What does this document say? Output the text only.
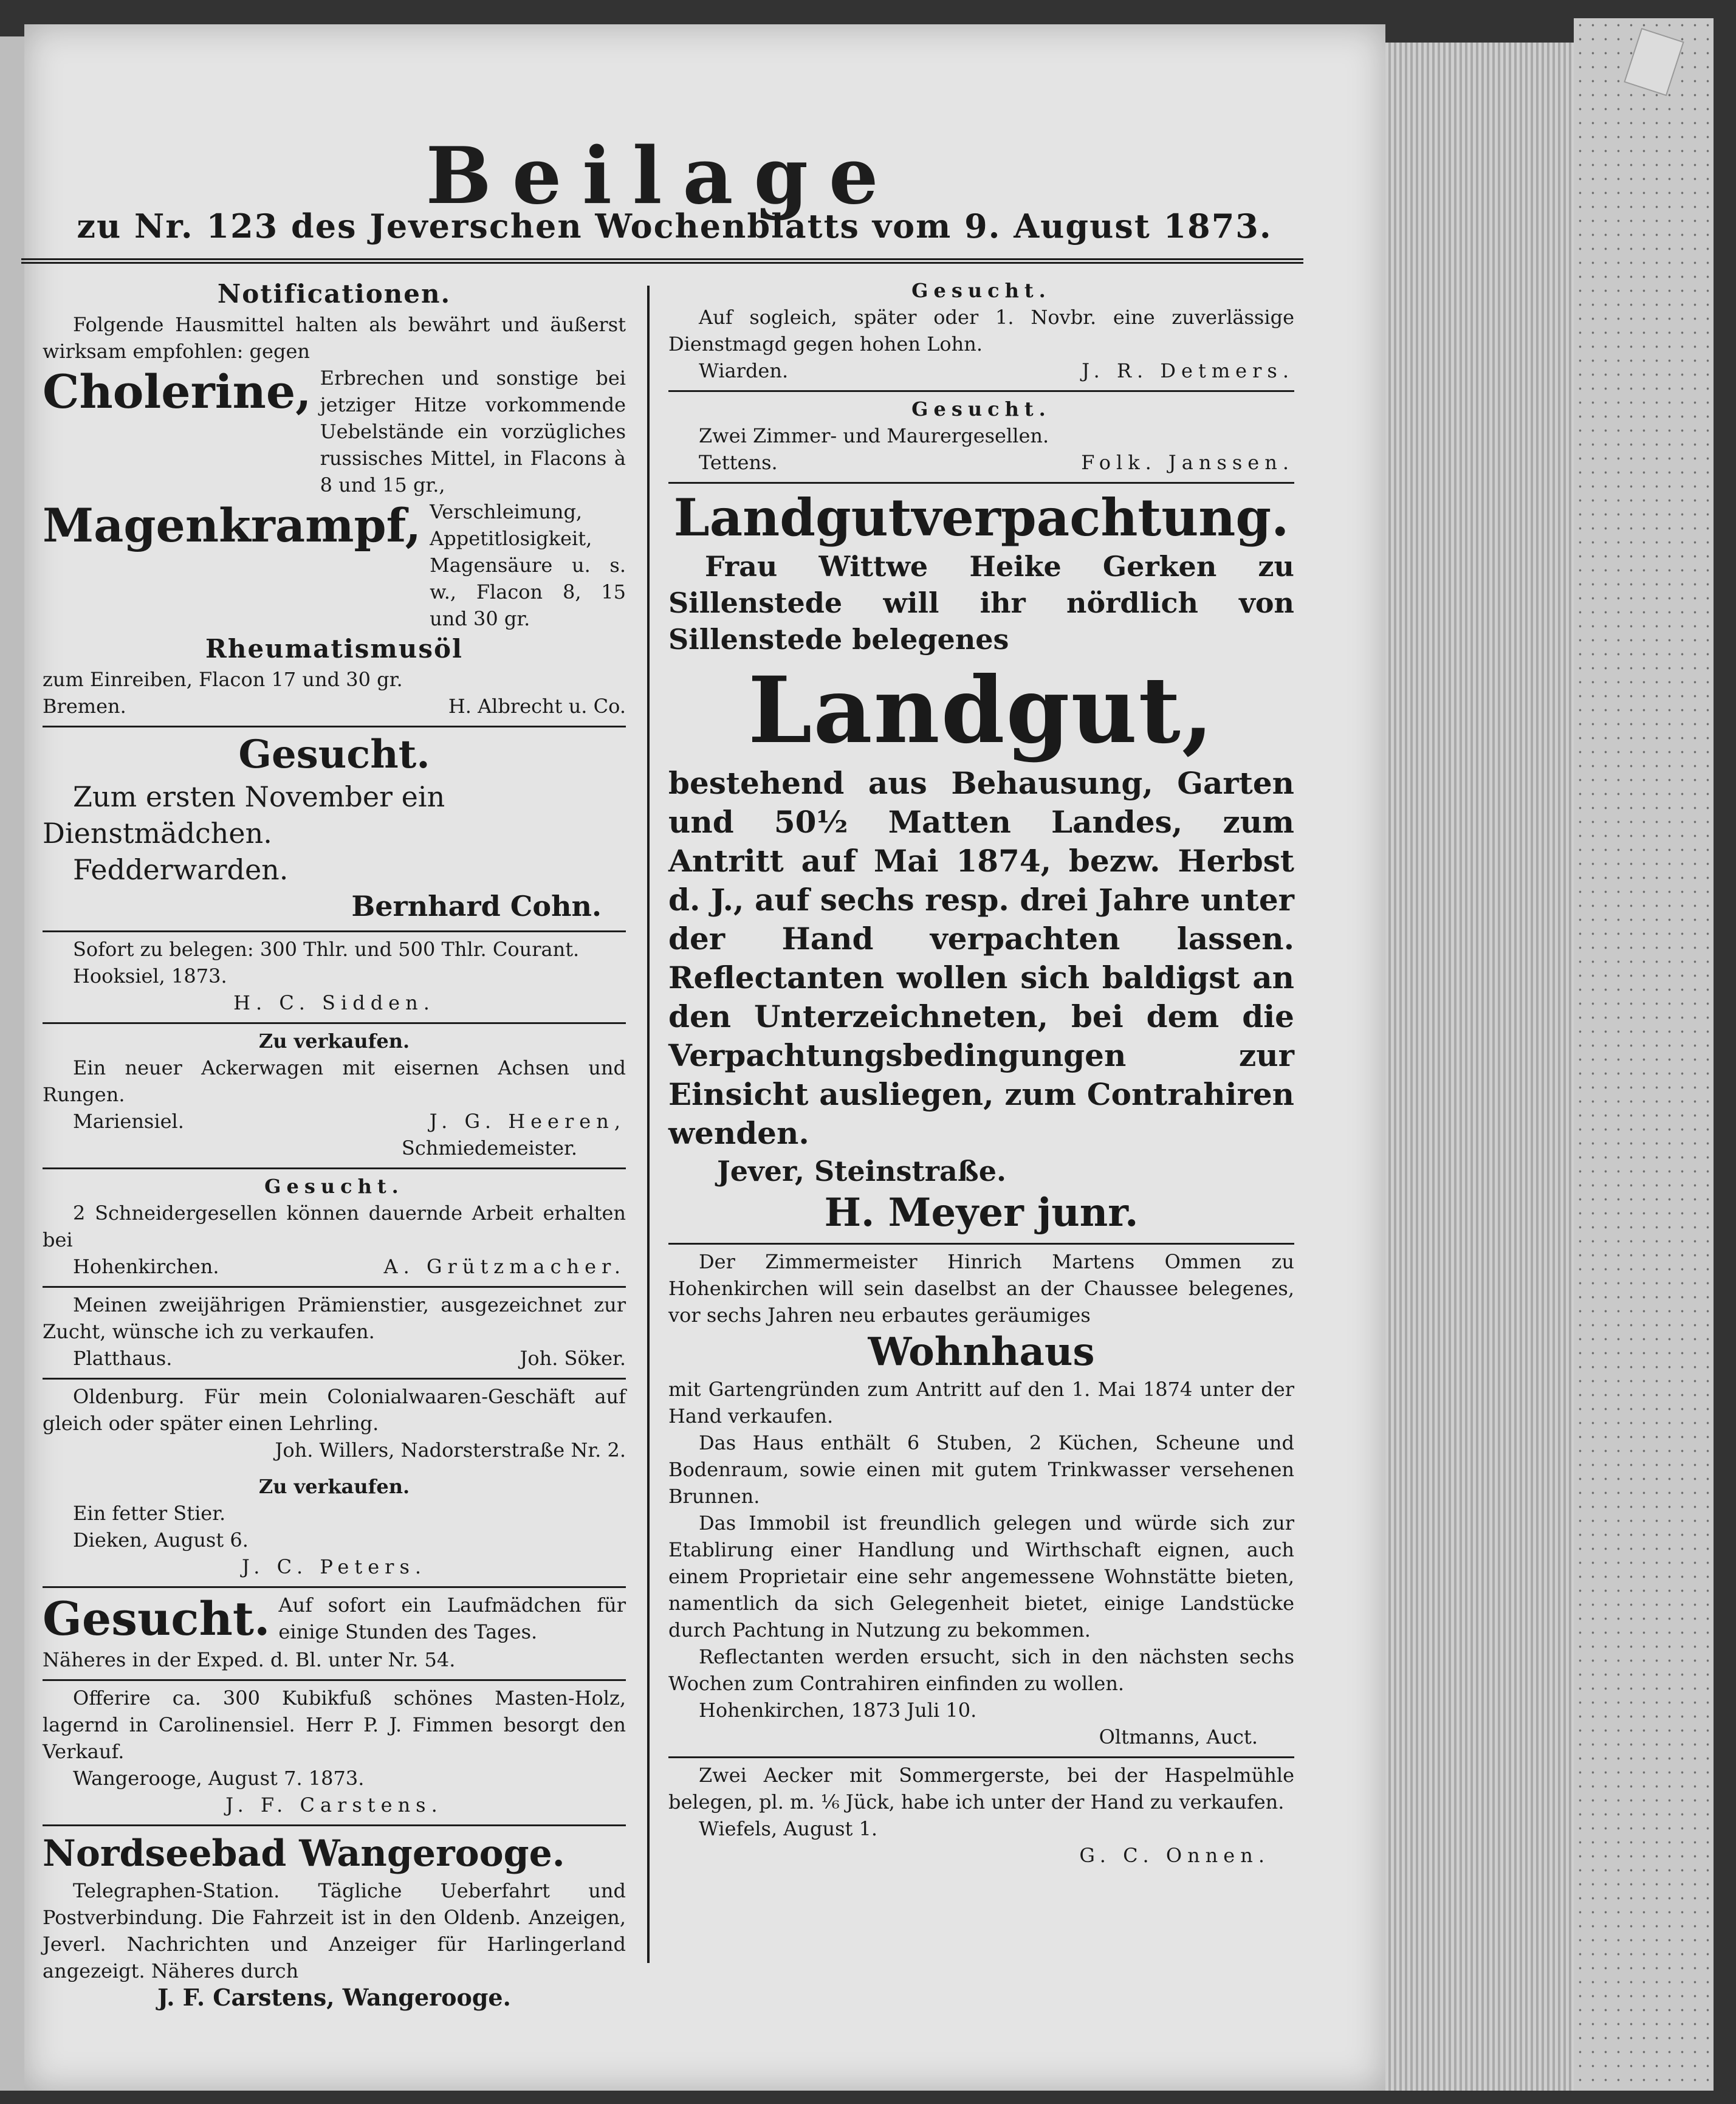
Beilage
zu Nr. 123 des Jeverschen Wochenblatts vom 9. August 1873.

Notificationen.

Folgende Hausmittel halten als bewährt und äußerst wirksam empfohlen: gegen

Cholerine, Erbrechen und sonstige bei jetziger Hitze vorkommende Uebelstände ein vorzügliches russisches Mittel, in Flacons à 8 und 15 gr.,
Magenkrampf, Verschleimung, Appetitlosigkeit, Magensäure u. s. w., Flacon 8, 15 und 30 gr.

Rheumatismusöl

zum Einreiben, Flacon 17 und 30 gr.

Bremen.	H. Albrecht u. Co.

Gesucht.

Zum ersten November ein Dienstmädchen.

Fedderwarden.

Bernhard Cohn.

Sofort zu belegen: 300 Thlr. und 500 Thlr. Courant.

Hooksiel, 1873.

H. C. Sidden.

Zu verkaufen.

Ein neuer Ackerwagen mit eisernen Achsen und Rungen.

Mariensiel.	J. G. Heeren,

Schmiedemeister.

Gesucht.

2 Schneidergesellen können dauernde Arbeit erhalten bei

Hohenkirchen.	A. Grützmacher.

Meinen zweijährigen Prämienstier, ausgezeichnet zur Zucht, wünsche ich zu verkaufen.

Platthaus.	Joh. Söker.

Oldenburg. Für mein Colonialwaaren-Geschäft auf gleich oder später einen Lehrling.

Joh. Willers, Nadorsterstraße Nr. 2.

Zu verkaufen.

Ein fetter Stier.

Dieken, August 6.

J. C. Peters.

Gesucht. Auf sofort ein Laufmädchen für einige Stunden des Tages.

Näheres in der Exped. d. Bl. unter Nr. 54.

Offerire ca. 300 Kubikfuß schönes Masten-Holz, lagernd in Carolinensiel. Herr P. J. Fimmen besorgt den Verkauf.

Wangerooge, August 7. 1873.

J. F. Carstens.

Nordseebad Wangerooge.

Telegraphen-Station. Tägliche Ueberfahrt und Postverbindung. Die Fahrzeit ist in den Oldenb. Anzeigen, Jeverl. Nachrichten und Anzeiger für Harlingerland angezeigt. Näheres durch

J. F. Carstens, Wangerooge.

Gesucht.

Auf sogleich, später oder 1. Novbr. eine zuverlässige Dienstmagd gegen hohen Lohn.

Wiarden.	J. R. Detmers.

Gesucht.

Zwei Zimmer- und Maurergesellen.

Tettens.	Folk. Janssen.

Landgutverpachtung.

Frau Wittwe Heike Gerken zu Sillenstede will ihr nördlich von Sillenstede belegenes

Landgut,

bestehend aus Behausung, Garten und 50½ Matten Landes, zum Antritt auf Mai 1874, bezw. Herbst d. J., auf sechs resp. drei Jahre unter der Hand verpachten lassen. Reflectanten wollen sich baldigst an den Unterzeichneten, bei dem die Verpachtungsbedingungen zur Einsicht ausliegen, zum Contrahiren wenden.

Jever, Steinstraße.

H. Meyer junr.

Der Zimmermeister Hinrich Martens Ommen zu Hohenkirchen will sein daselbst an der Chaussee belegenes, vor sechs Jahren neu erbautes geräumiges

Wohnhaus

mit Gartengründen zum Antritt auf den 1. Mai 1874 unter der Hand verkaufen.

Das Haus enthält 6 Stuben, 2 Küchen, Scheune und Bodenraum, sowie einen mit gutem Trinkwasser versehenen Brunnen.

Das Immobil ist freundlich gelegen und würde sich zur Etablirung einer Handlung und Wirthschaft eignen, auch einem Proprietair eine sehr angemessene Wohnstätte bieten, namentlich da sich Gelegenheit bietet, einige Landstücke durch Pachtung in Nutzung zu bekommen.

Reflectanten werden ersucht, sich in den nächsten sechs Wochen zum Contrahiren einfinden zu wollen.

Hohenkirchen, 1873 Juli 10.

Oltmanns, Auct.

Zwei Aecker mit Sommergerste, bei der Haspelmühle belegen, pl. m. ⅙ Jück, habe ich unter der Hand zu verkaufen.

Wiefels, August 1.

G. C. Onnen.
